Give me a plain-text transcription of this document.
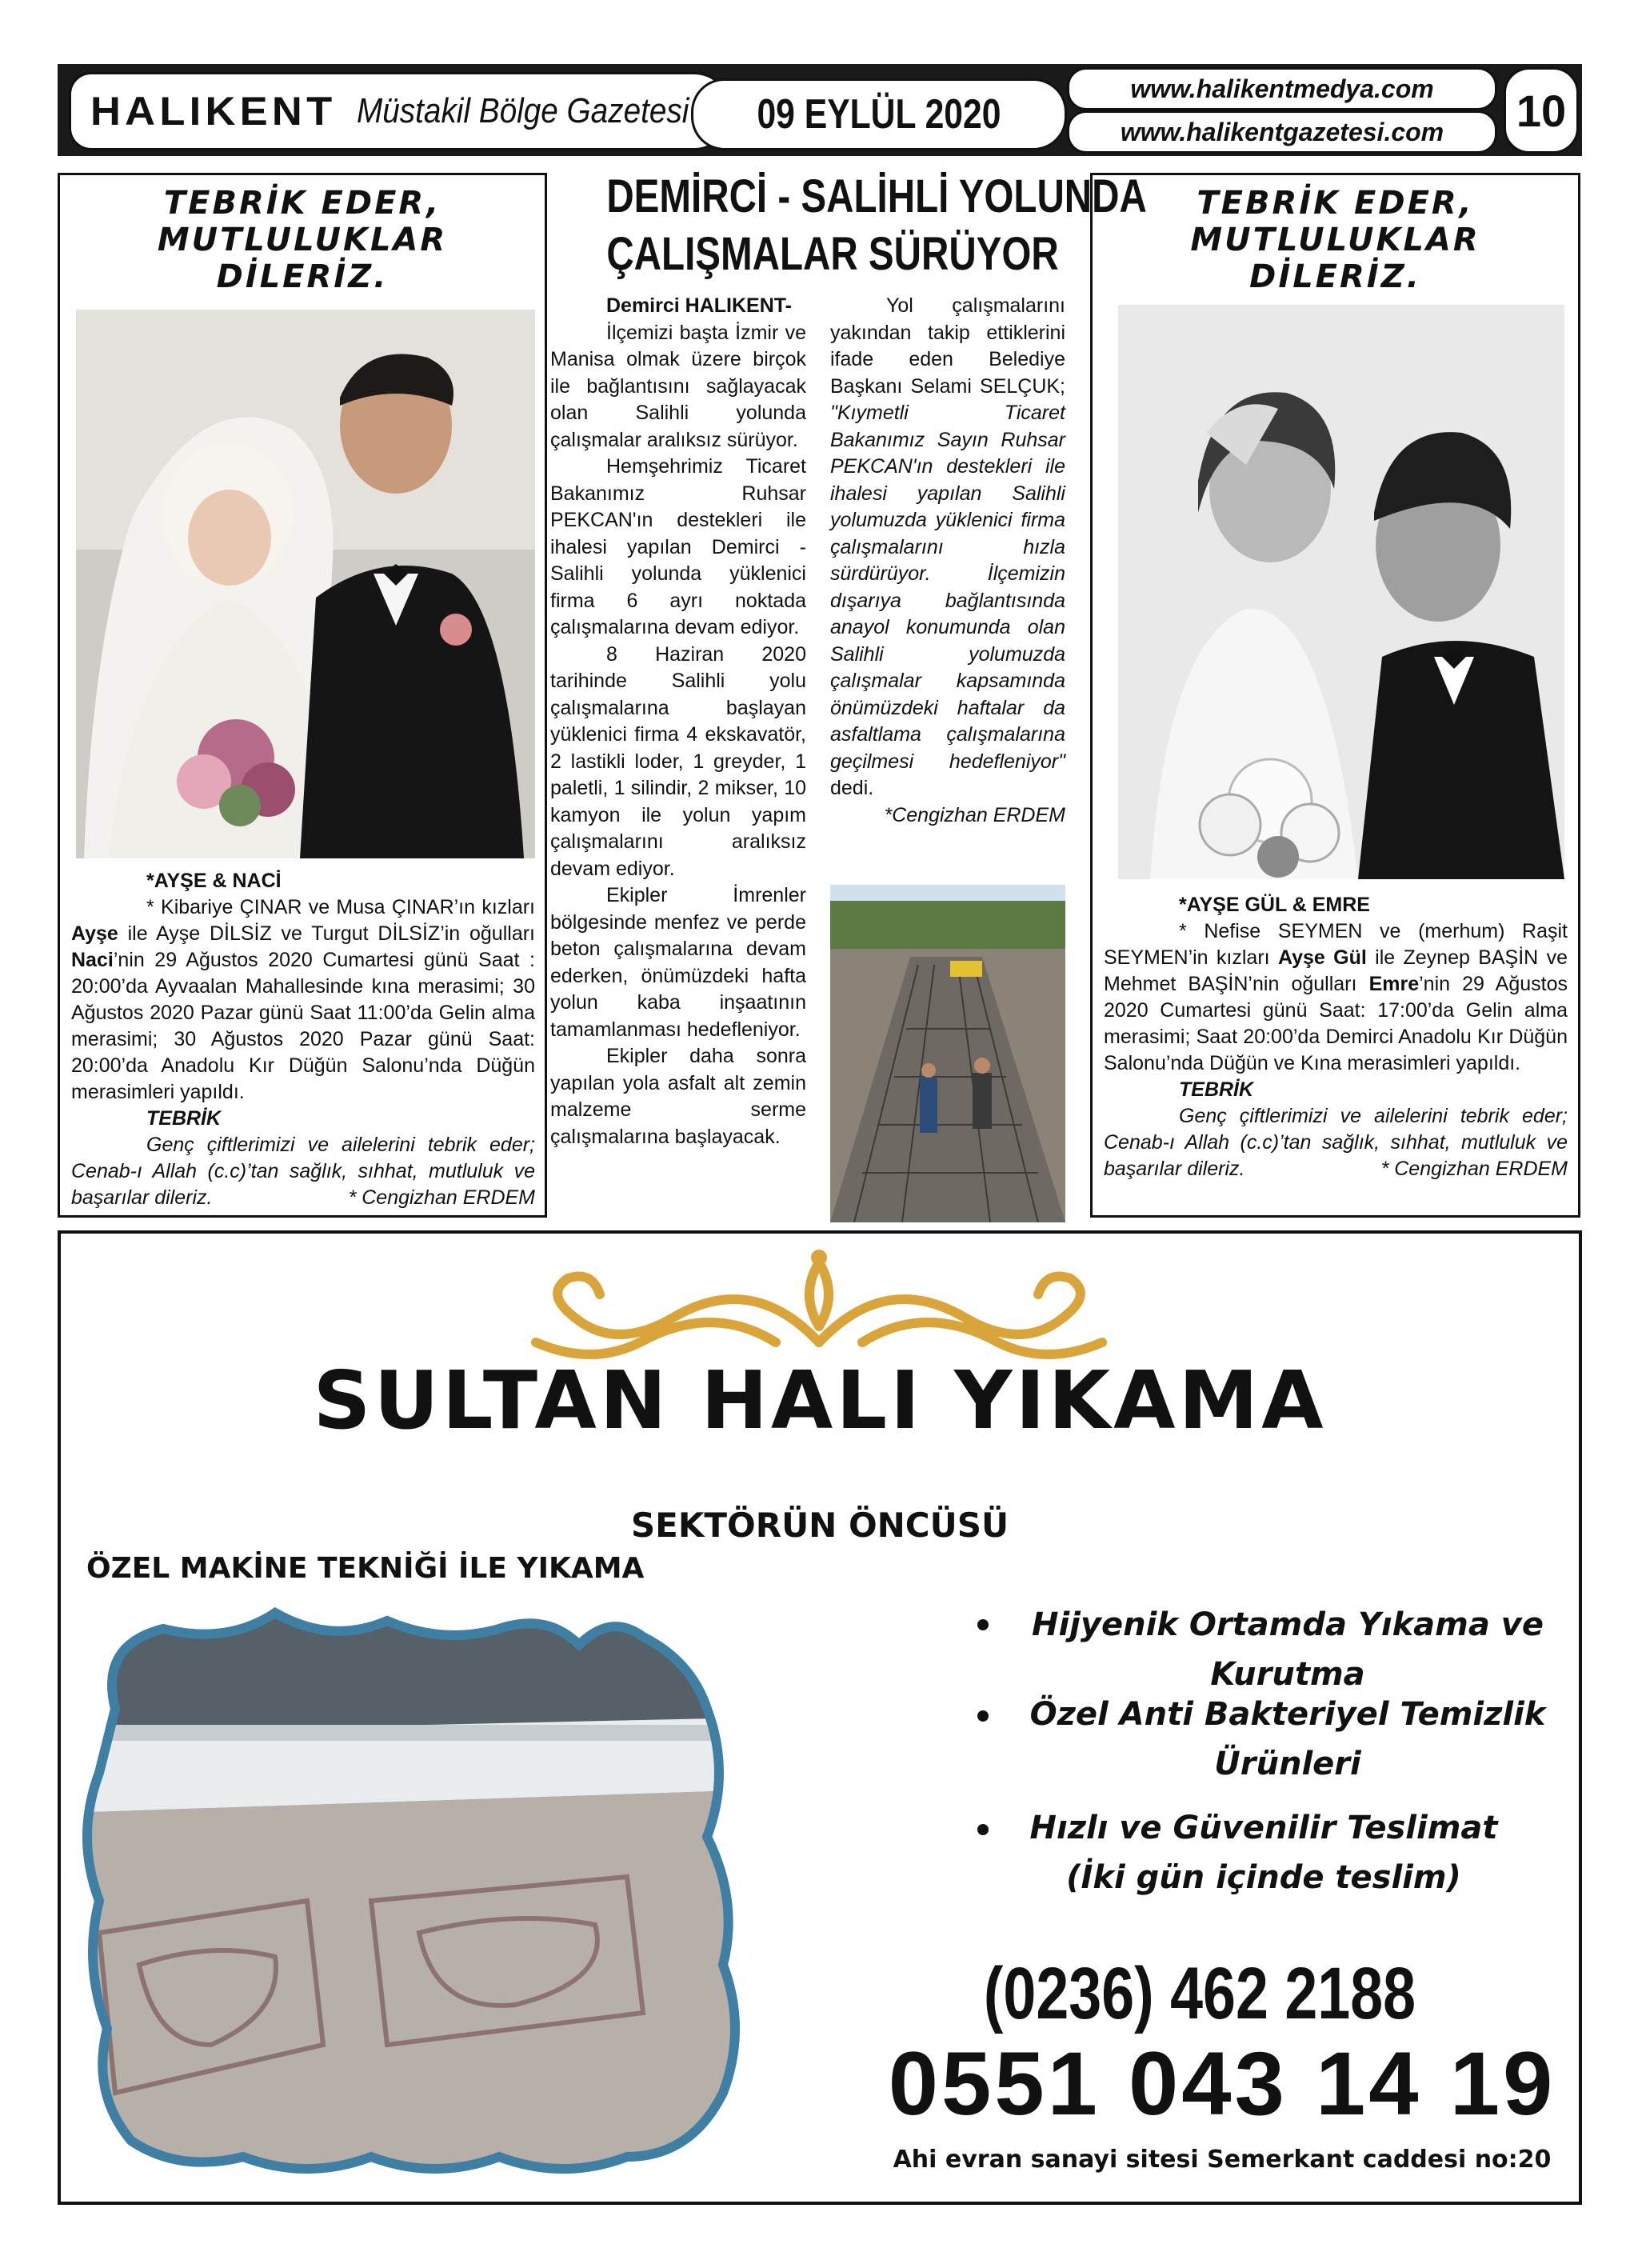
HALIKENT Müstakil Bölge Gazetesi 09 EYLÜL 2020
www.halikentmedya.com
www.halikentgazetesi.com 10
TEBRİK EDER,
MUTLULUKLAR
DİLERİZ.

*AYŞE & NACİ

* Kibariye ÇINAR ve Musa ÇINAR’ın kızları Ayşe ile Ayşe DİLSİZ ve Turgut DİLSİZ’in oğulları Naci’nin 29 Ağustos 2020 Cumartesi günü Saat : 20:00’da Ayvaalan Mahallesinde kına merasimi; 30 Ağustos 2020 Pazar günü Saat 11:00’da Gelin alma merasimi; 30 Ağustos 2020 Pazar günü Saat: 20:00’da Anadolu Kır Düğün Salonu’nda Düğün merasimleri yapıldı.

TEBRİK

Genç çiftlerimizi ve ailelerini tebrik eder; Cenab-ı Allah (c.c)’tan sağlık, sıhhat, mutluluk ve başarılar dileriz.	* Cengizhan ERDEM

DEMİRCİ - SALİHLİ YOLUNDA
ÇALIŞMALAR SÜRÜYOR

Demirci HALIKENT-

İlçemizi başta İzmir ve Manisa olmak üzere birçok ile bağlantısını sağlayacak olan Salihli yolunda çalışmalar aralıksız sürüyor.

Hemşehrimiz Ticaret Bakanımız Ruhsar PEKCAN'ın destekleri ile ihalesi yapılan Demirci - Salihli yolunda yüklenici firma 6 ayrı noktada çalışmalarına devam ediyor.

8 Haziran 2020 tarihinde Salihli yolu çalışmalarına başlayan yüklenici firma 4 ekskavatör, 2 lastikli loder, 1 greyder, 1 paletli, 1 silindir, 2 mikser, 10 kamyon ile yolun yapım çalışmalarını aralıksız devam ediyor.

Ekipler İmrenler bölgesinde menfez ve perde beton çalışmalarına devam ederken, önümüzdeki hafta yolun kaba inşaatının tamamlanması hedefleniyor.

Ekipler daha sonra yapılan yola asfalt alt zemin malzeme serme çalışmalarına başlayacak.

Yol çalışmalarını yakından takip ettiklerini ifade eden Belediye Başkanı Selami SELÇUK; "Kıymetli Ticaret Bakanımız Sayın Ruhsar PEKCAN'ın destekleri ile ihalesi yapılan Salihli yolumuzda yüklenici firma çalışmalarını hızla sürdürüyor. İlçemizin dışarıya bağlantısında anayol konumunda olan Salihli yolumuzda çalışmalar kapsamında önümüzdeki haftalar da asfaltlama çalışmalarına geçilmesi hedefleniyor" dedi.

*Cengizhan ERDEM

TEBRİK EDER,
MUTLULUKLAR
DİLERİZ.

*AYŞE GÜL & EMRE

* Nefise SEYMEN ve (merhum) Raşit SEYMEN’in kızları Ayşe Gül ile Zeynep BAŞİN ve Mehmet BAŞİN’nin oğulları Emre’nin 29 Ağustos 2020 Cumartesi günü Saat: 17:00’da Gelin alma merasimi; Saat 20:00’da Demirci Anadolu Kır Düğün Salonu’nda Düğün ve Kına merasimleri yapıldı.

TEBRİK

Genç çiftlerimizi ve ailelerini tebrik eder; Cenab-ı Allah (c.c)’tan sağlık, sıhhat, mutluluk ve başarılar dileriz.	* Cengizhan ERDEM

SULTAN HALI YIKAMA
SEKTÖRÜN ÖNCÜSÜ
ÖZEL MAKİNE TEKNİĞİ İLE YIKAMA
Hijyenik Ortamda Yıkama ve
Kurutma
Özel Anti Bakteriyel Temizlik
Ürünleri
Hızlı ve Güvenilir Teslimat
(İki gün içinde teslim)
(0236) 462 2188
0551 043 14 19
Ahi evran sanayi sitesi Semerkant caddesi no:20
